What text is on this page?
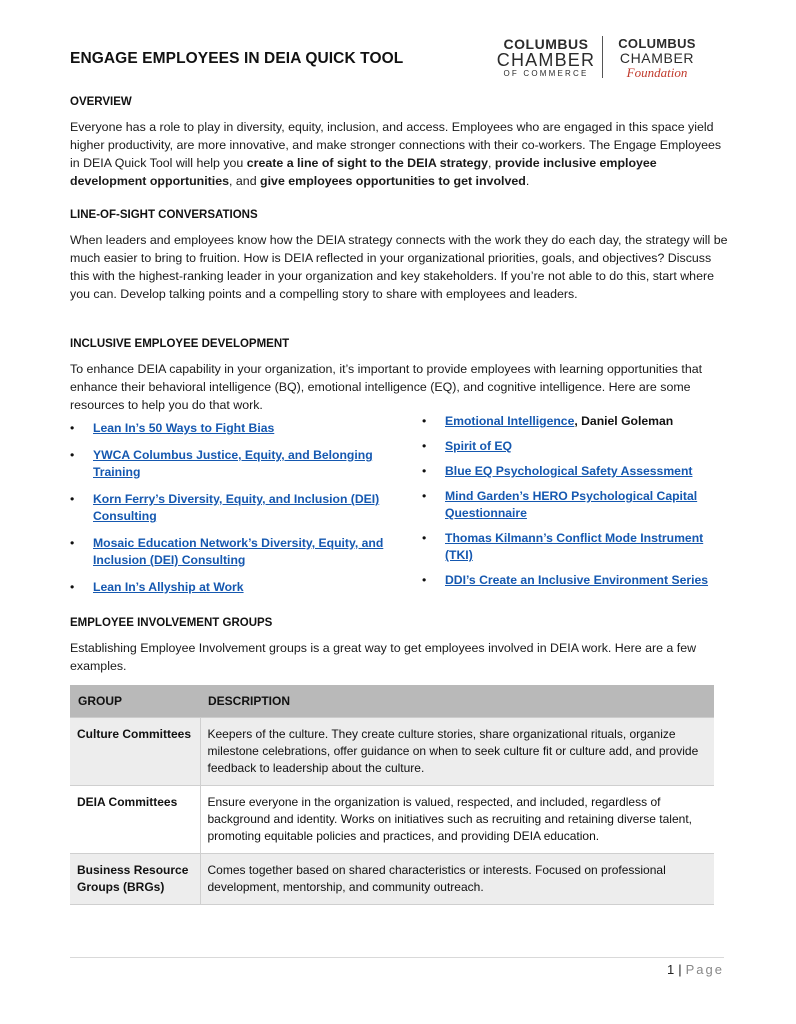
ENGAGE EMPLOYEES IN DEIA QUICK TOOL
COLUMBUS
CHAMBER
OF COMMERCE
COLUMBUS
CHAMBER
Foundation
OVERVIEW
Everyone has a role to play in diversity, equity, inclusion, and access. Employees who are engaged in this space yield higher productivity, are more innovative, and make stronger connections with their co-workers. The Engage Employees in DEIA Quick Tool will help you create a line of sight to the DEIA strategy, provide inclusive employee development opportunities, and give employees opportunities to get involved.
LINE-OF-SIGHT CONVERSATIONS
When leaders and employees know how the DEIA strategy connects with the work they do each day, the strategy will be much easier to bring to fruition. How is DEIA reflected in your organizational priorities, goals, and objectives? Discuss this with the highest-ranking leader in your organization and key stakeholders. If you’re not able to do this, start where you can. Develop talking points and a compelling story to share with employees and leaders.
INCLUSIVE EMPLOYEE DEVELOPMENT
To enhance DEIA capability in your organization, it’s important to provide employees with learning opportunities that enhance their behavioral intelligence (BQ), emotional intelligence (EQ), and cognitive intelligence. Here are some resources to help you do that work.
• Lean In’s 50 Ways to Fight Bias
• YWCA Columbus Justice, Equity, and Belonging Training
• Korn Ferry’s Diversity, Equity, and Inclusion (DEI) Consulting
• Mosaic Education Network’s Diversity, Equity, and Inclusion (DEI) Consulting
• Lean In’s Allyship at Work
• Emotional Intelligence, Daniel Goleman
• Spirit of EQ
• Blue EQ Psychological Safety Assessment
• Mind Garden’s HERO Psychological Capital Questionnaire
• Thomas Kilmann’s Conflict Mode Instrument (TKI)
• DDI’s Create an Inclusive Environment Series
EMPLOYEE INVOLVEMENT GROUPS
Establishing Employee Involvement groups is a great way to get employees involved in DEIA work. Here are a few examples.
GROUP	DESCRIPTION
Culture Committees	Keepers of the culture. They create culture stories, share organizational rituals, organize milestone celebrations, offer guidance on when to seek culture fit or culture add, and provide feedback to leadership about the culture.
DEIA Committees	Ensure everyone in the organization is valued, respected, and included, regardless of background and identity. Works on initiatives such as recruiting and retaining diverse talent, promoting equitable policies and practices, and providing DEIA education.
Business Resource Groups (BRGs)	Comes together based on shared characteristics or interests. Focused on professional development, mentorship, and community outreach.
1 | Page
